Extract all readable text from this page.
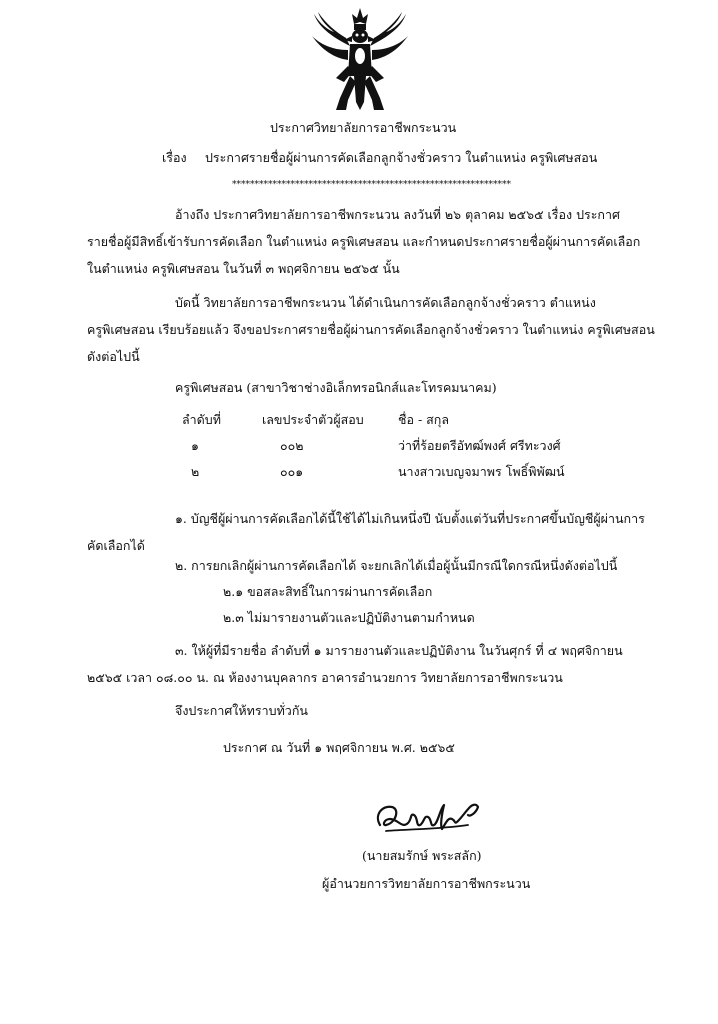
ประกาศวิทยาลัยการอาชีพกระนวน
เรื่อง ประกาศรายชื่อผู้ผ่านการคัดเลือกลูกจ้างชั่วคราว ในตำแหน่ง ครูพิเศษสอน
**************************************************************
อ้างถึง ประกาศวิทยาลัยการอาชีพกระนวน ลงวันที่ ๒๖ ตุลาคม ๒๕๖๕ เรื่อง ประกาศ
รายชื่อผู้มีสิทธิ์เข้ารับการคัดเลือก ในตำแหน่ง ครูพิเศษสอน และกำหนดประกาศรายชื่อผู้ผ่านการคัดเลือก
ในตำแหน่ง ครูพิเศษสอน ในวันที่ ๓ พฤศจิกายน ๒๕๖๕ นั้น
บัดนี้ วิทยาลัยการอาชีพกระนวน ได้ดำเนินการคัดเลือกลูกจ้างชั่วคราว ตำแหน่ง
ครูพิเศษสอน เรียบร้อยแล้ว จึงขอประกาศรายชื่อผู้ผ่านการคัดเลือกลูกจ้างชั่วคราว ในตำแหน่ง ครูพิเศษสอน
ดังต่อไปนี้
ครูพิเศษสอน (สาขาวิชาช่างอิเล็กทรอนิกส์และโทรคมนาคม)
ลำดับที่	เลขประจำตัวผู้สอบ	ชื่อ - สกุล
๑	๐๐๒	ว่าที่ร้อยตรีอัทฒ์พงศ์ ศรีทะวงศ์
๒	๐๐๑	นางสาวเบญจมาพร โพธิ์พิพัฒน์
๑. บัญชีผู้ผ่านการคัดเลือกได้นี้ใช้ได้ไม่เกินหนึ่งปี นับตั้งแต่วันที่ประกาศขึ้นบัญชีผู้ผ่านการ
คัดเลือกได้
๒. การยกเลิกผู้ผ่านการคัดเลือกได้ จะยกเลิกได้เมื่อผู้นั้นมีกรณีใดกรณีหนึ่งดังต่อไปนี้
๒.๑ ขอสละสิทธิ์ในการผ่านการคัดเลือก
๒.๓ ไม่มารายงานตัวและปฏิบัติงานตามกำหนด
๓. ให้ผู้ที่มีรายชื่อ ลำดับที่ ๑ มารายงานตัวและปฏิบัติงาน ในวันศุกร์ ที่ ๔ พฤศจิกายน
๒๕๖๕ เวลา ๐๘.๐๐ น. ณ ห้องงานบุคลากร อาคารอำนวยการ วิทยาลัยการอาชีพกระนวน
จึงประกาศให้ทราบทั่วกัน
ประกาศ ณ วันที่ ๑ พฤศจิกายน พ.ศ. ๒๕๖๕
(นายสมรักษ์ พระสลัก)
ผู้อำนวยการวิทยาลัยการอาชีพกระนวน
